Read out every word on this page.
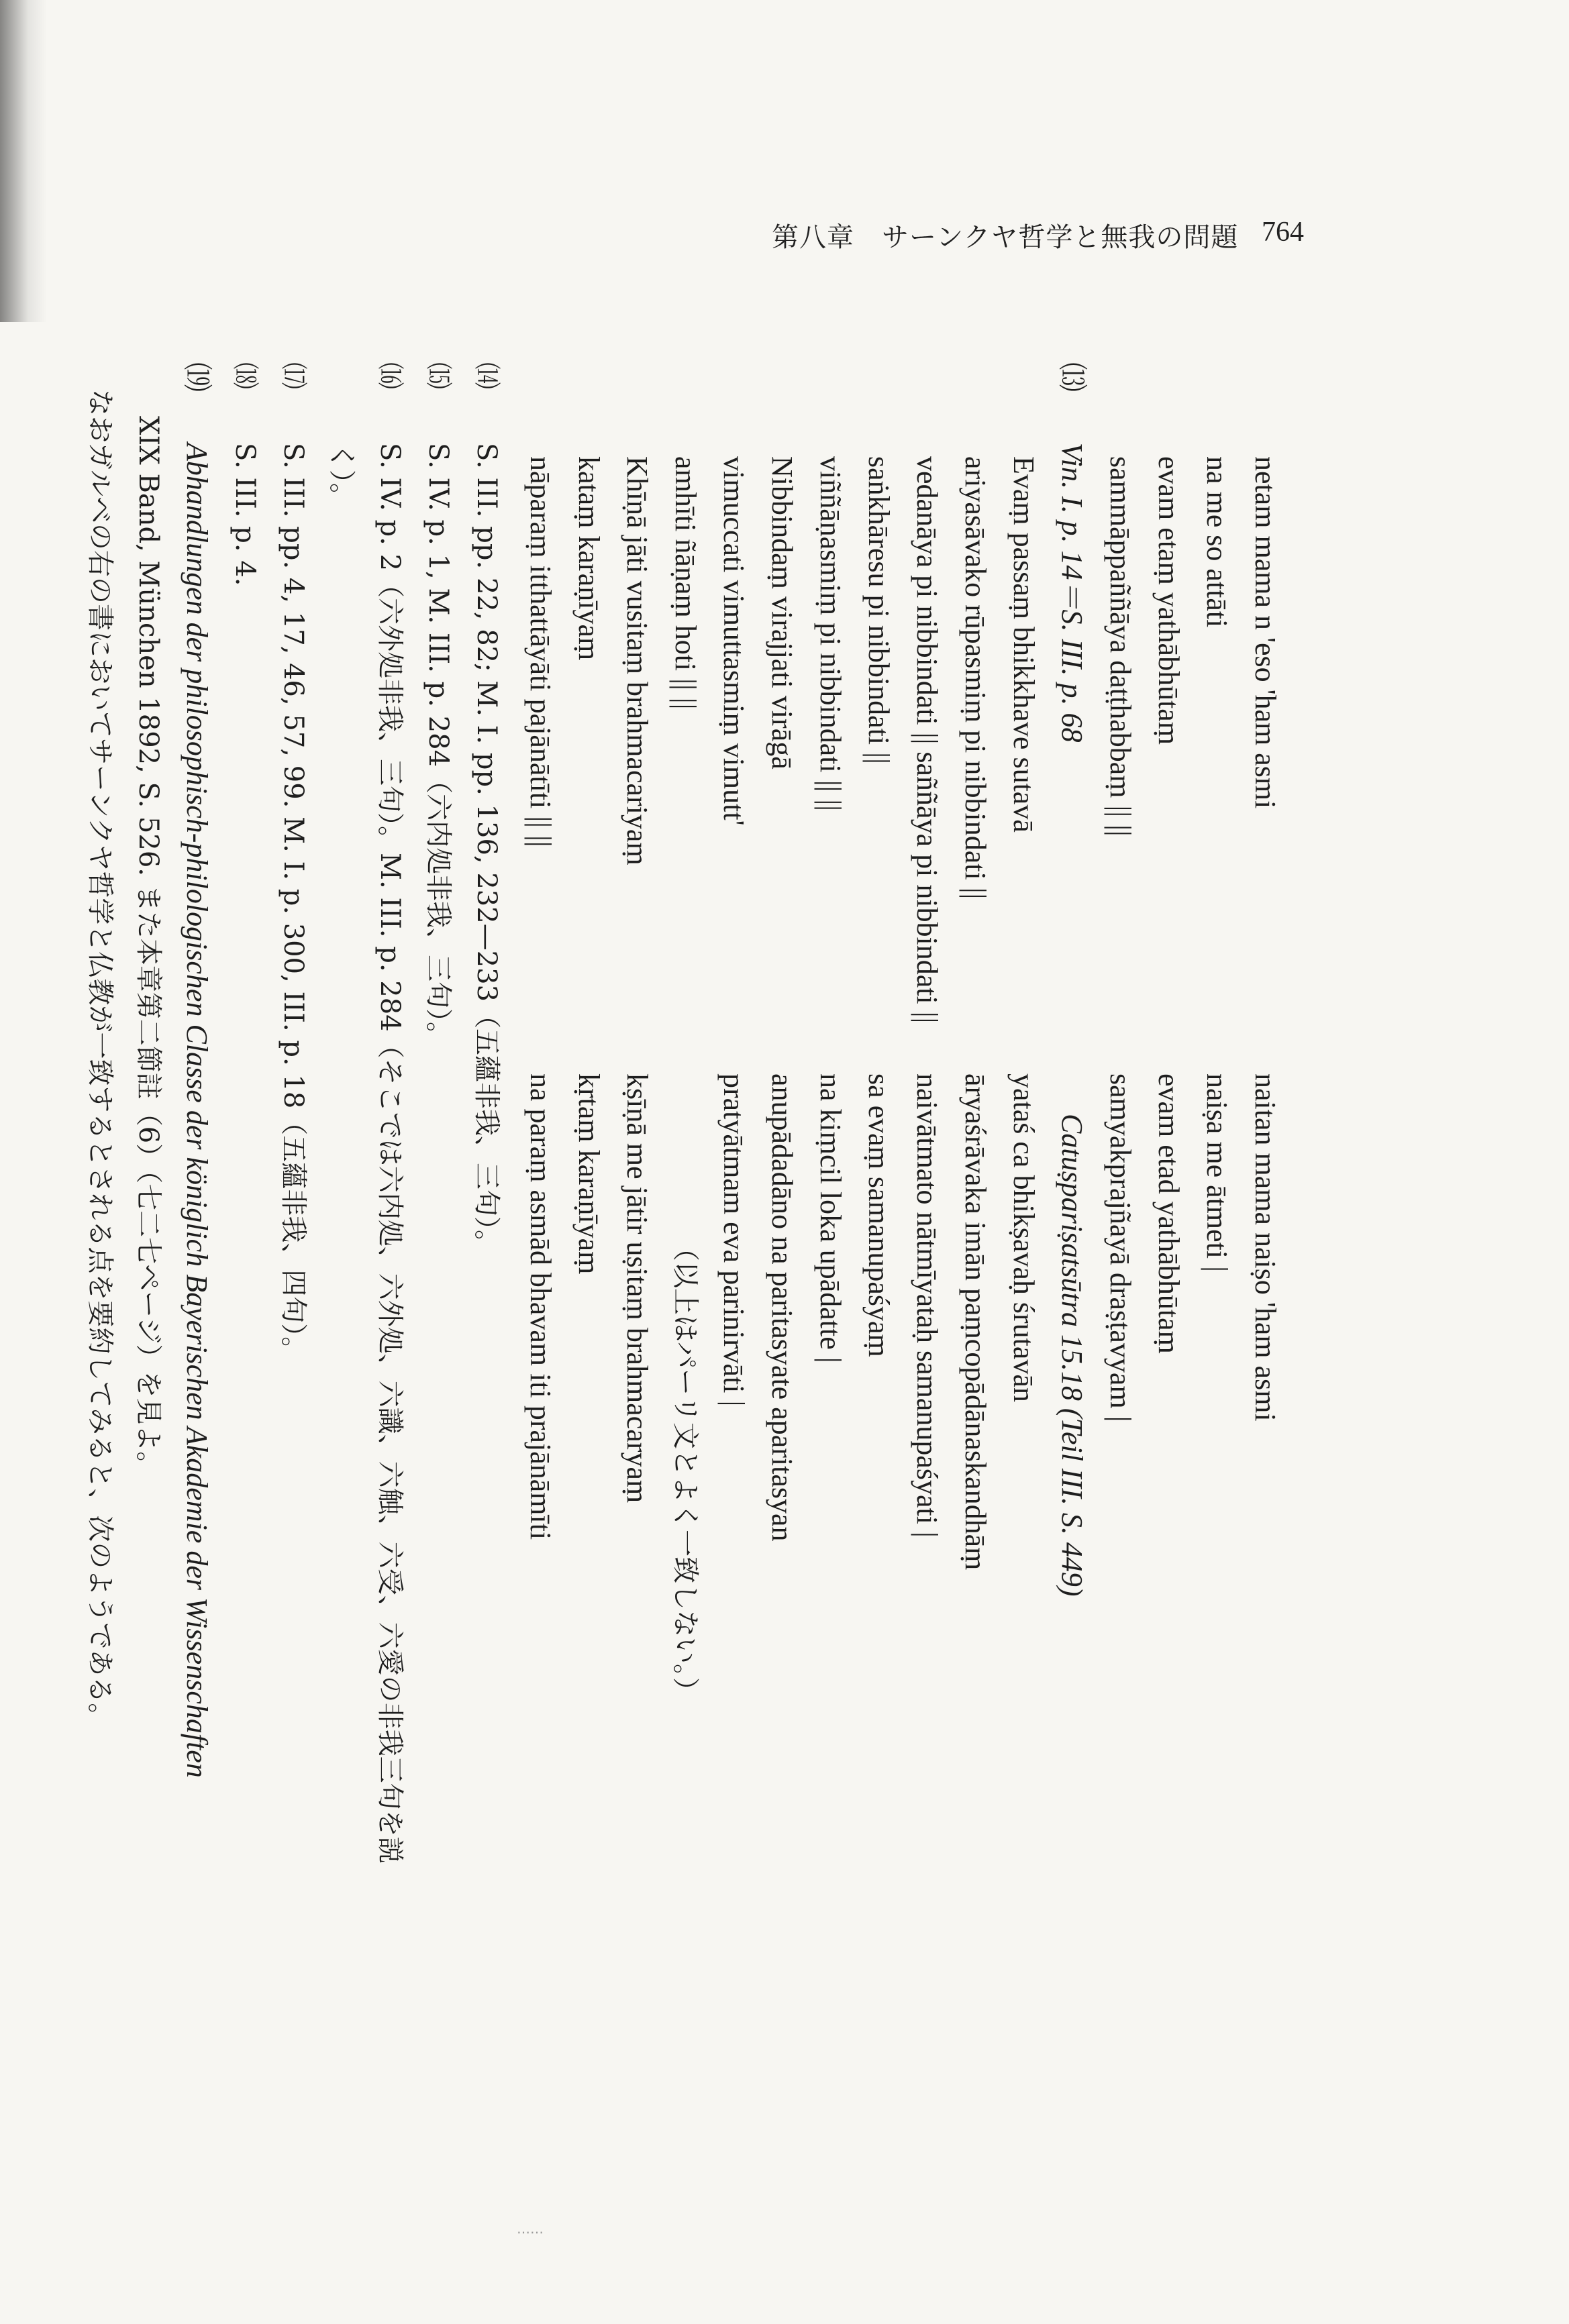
第八章　サーンクヤ哲学と無我の問題 764
naitan mama naiṣo 'ham asmi
naiṣa me ātmeti |
evam etad yathābhūtaṃ
samyakprajñayā draṣṭavyam |
Catuṣpariṣatsūtra 15.18 (Teil III. S. 449)
yataś ca bhikṣavaḥ śrutavān
āryaśrāvaka imān paṃcopādānaskandhāṃ
naivātmato nātmīyataḥ samanupaśyati |
sa evaṃ samanupaśyaṃ
na kiṃcil loka upādatte |
anupādadāno na paritasyate aparitasyan
pratyātmam eva parinirvāti |
（以上はパーリ文とよく一致しない。）
kṣīṇā me jātir uṣitaṃ brahmacaryaṃ
kṛtaṃ karaṇīyaṃ
na paraṃ asmād bhavam iti prajānāmīti
netam mama n 'eso 'ham asmi
na me so attāti
evam etaṃ yathābhūtaṃ
sammāppaññāya daṭṭhabbaṃ || ||
⒀Vin. I. p. 14＝S. III. p. 68
Evaṃ passaṃ bhikkhave sutavā
ariyasāvako rūpasmiṃ pi nibbindati ||
vedanāya pi nibbindati || saññāya pi nibbindati ||
saṅkhāresu pi nibbindati ||
viññāṇasmiṃ pi nibbindati || ||
Nibbindaṃ virajjati virāgā
vimuccati vimuttasmiṃ vimutt'
amhīti ñāṇaṃ hoti || ||
Khīṇā jāti vusitaṃ brahmacariyaṃ
kataṃ karaṇīyaṃ
nāparaṃ itthattāyāti pajānātīti || ||
⒁S. III. pp. 22, 82; M. I. pp. 136, 232—233（五蘊非我、三句）。
⒂S. IV. p. 1, M. III. p. 284（六内処非我、三句）。
⒃S. IV. p. 2（六外処非我、三句）。M. III. p. 284（そこでは六内処、六外処、六識、六触、六受、六愛の非我三句を説
く）。
⒄S. III. pp. 4, 17, 46, 57, 99. M. I. p. 300, III. p. 18（五蘊非我、四句）。
⒅S. III. p. 4.
⒆Abhandlungen der philosophisch-philologischen Classe der königlich Bayerischen Akademie der Wissenschaften
XIX Band, München 1892, S. 526. また本章第二節註（6）（七二七ページ）を見よ。
なおガルベの右の書においてサーンクヤ哲学と仏教が一致するとされる点を要約してみると、次のようである。
……
